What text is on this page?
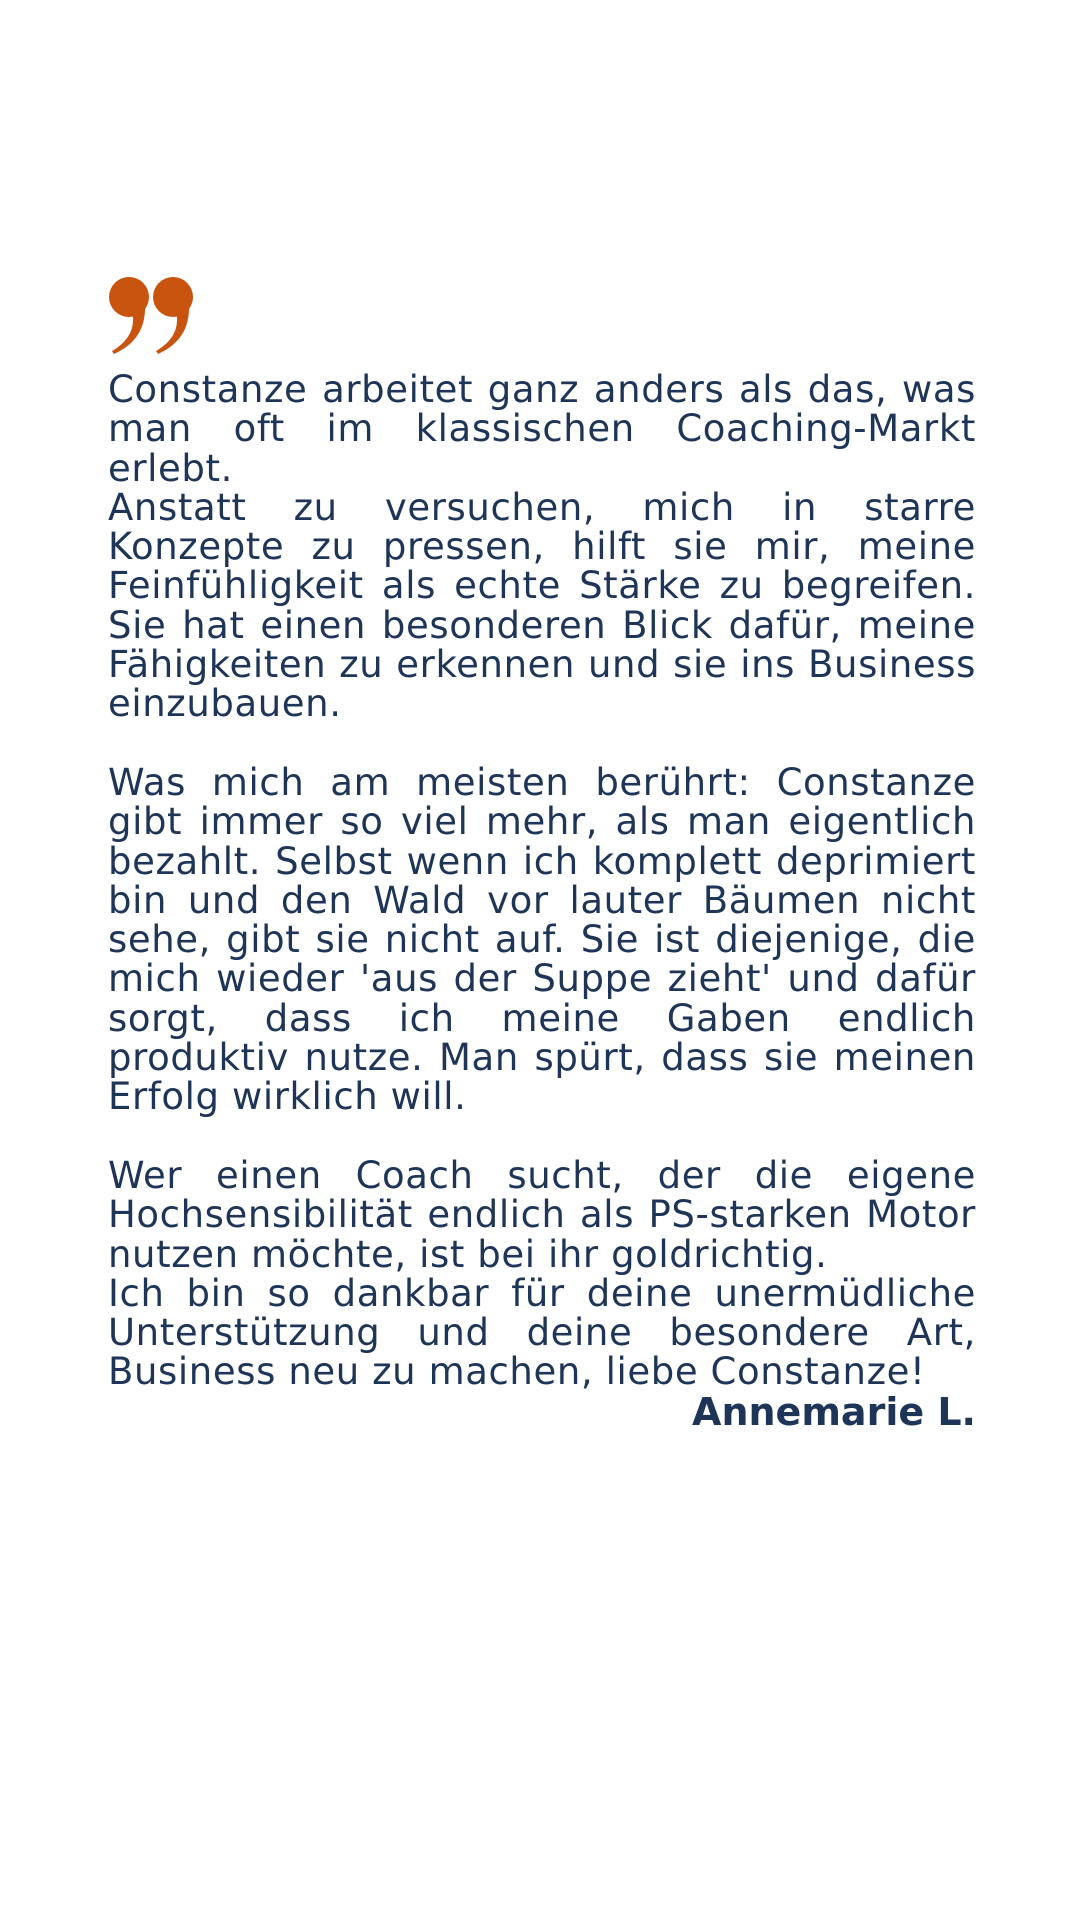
Constanze arbeitet ganz anders als das, was man oft im klassischen Coaching-Markt erlebt.

Anstatt zu versuchen, mich in starre Konzepte zu pressen, hilft sie mir, meine Feinfühligkeit als echte Stärke zu begreifen. Sie hat einen besonderen Blick dafür, meine Fähigkeiten zu erkennen und sie ins Business einzubauen.

Was mich am meisten berührt: Constanze gibt immer so viel mehr, als man eigentlich bezahlt. Selbst wenn ich komplett deprimiert bin und den Wald vor lauter Bäumen nicht sehe, gibt sie nicht auf. Sie ist diejenige, die mich wieder 'aus der Suppe zieht' und dafür sorgt, dass ich meine Gaben endlich produktiv nutze. Man spürt, dass sie meinen Erfolg wirklich will.

Wer einen Coach sucht, der die eigene Hochsensibilität endlich als PS-starken Motor nutzen möchte, ist bei ihr goldrichtig.

Ich bin so dankbar für deine unermüdliche Unterstützung und deine besondere Art, Business neu zu machen, liebe Constanze!

Annemarie L.
